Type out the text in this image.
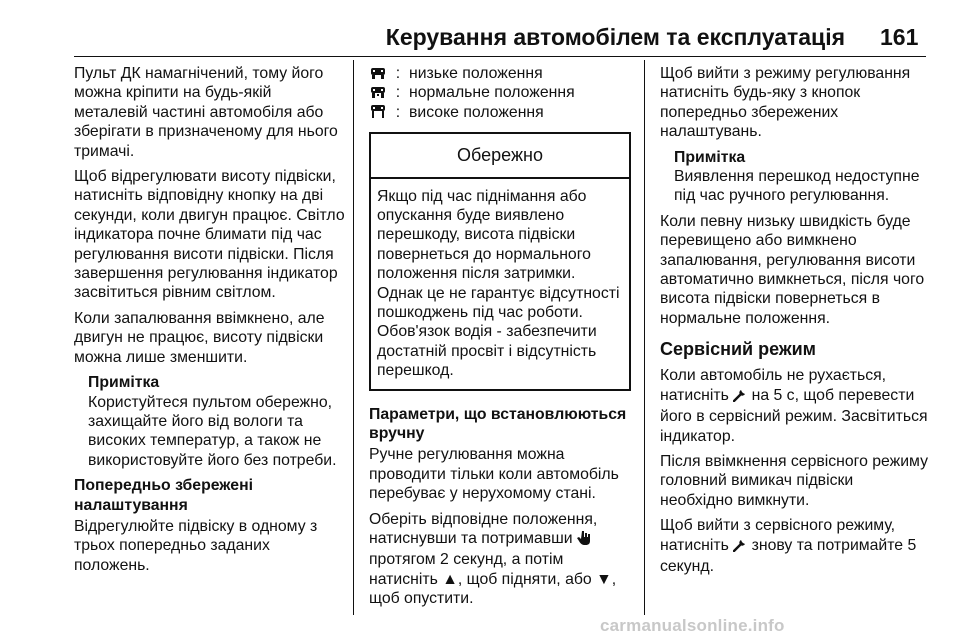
Керування автомобілем та експлуатація 161

Пульт ДК намагнічений, тому його можна кріпити на будь-якій металевій частині автомобіля або зберігати в призначеному для нього тримачі.

Щоб відрегулювати висоту підвіски, натисніть відповідну кнопку на дві секунди, коли двигун працює. Світло індикатора почне блимати під час регулювання висоти підвіски. Після завершення регулювання індикатор засвітиться рівним світлом.

Коли запалювання ввімкнено, але двигун не працює, висоту підвіски можна лише зменшити.

Примітка
Користуйтеся пультом обережно, захищайте його від вологи та високих температур, а також не використовуйте його без потреби.
Попередньо збережені налаштування

Відрегулюйте підвіску в одному з трьох попередньо заданих положень.

: низьке положення
: нормальне положення
: високе положення
Обережно
Якщо під час піднімання або опускання буде виявлено перешкоду, висота підвіски повернеться до нормального положення після затримки. Однак це не гарантує відсутності пошкоджень під час роботи. Обов'язок водія - забезпечити достатній просвіт і відсутність перешкод.
Параметри, що встановлюються вручну

Ручне регулювання можна проводити тільки коли автомобіль перебуває у нерухомому стані.

Оберіть відповідне положення, натиснувши та потримавши  протягом 2 секунд, а потім натисніть ▲, щоб підняти, або ▼, щоб опустити.

Щоб вийти з режиму регулювання натисніть будь-яку з кнопок попередньо збережених налаштувань.

Примітка
Виявлення перешкод недоступне під час ручного регулювання.

Коли певну низьку швидкість буде перевищено або вимкнено запалювання, регулювання висоти автоматично вимкнеться, після чого висота підвіски повернеться в нормальне положення.

Сервісний режим

Коли автомобіль не рухається, натисніть на 5 с, щоб перевести його в сервісний режим. Засвітиться індикатор.

Після ввімкнення сервісного режиму головний вимикач підвіски необхідно вимкнути.

Щоб вийти з сервісного режиму, натисніть знову та потримайте 5 секунд.

carmanualsonline.info
